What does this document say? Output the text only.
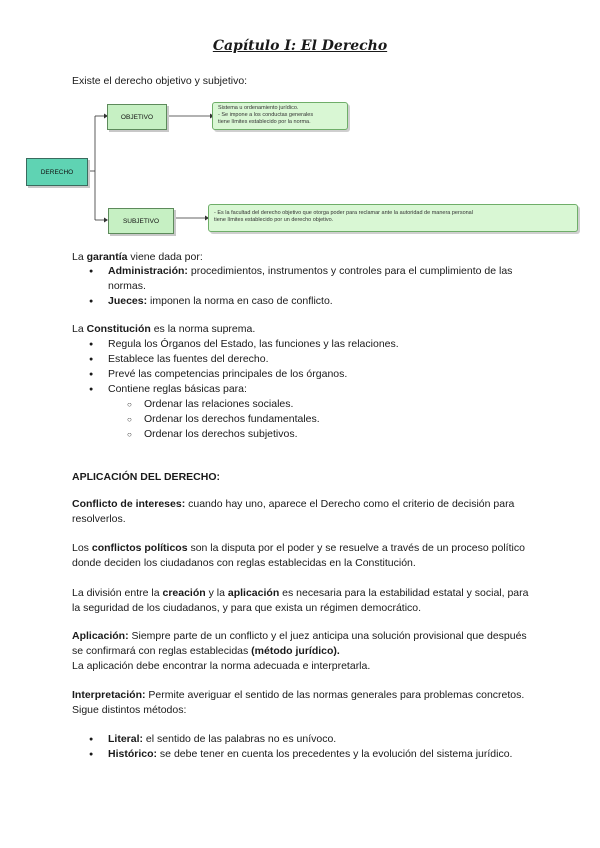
Capítulo I: El Derecho

Existe el derecho objetivo y subjetivo:

DERECHO
OBJETIVO
SUBJETIVO
Sistema u ordenamiento jurídico.
- Se impone a los conductas generales
tiene límites establecido por la norma.
- Es la facultad del derecho objetivo que otorga poder para reclamar ante la autoridad de manera personal
tiene límites establecido por un derecho objetivo.

La garantía viene dada por:

● Administración: procedimientos, instrumentos y controles para el cumplimiento de las normas.
● Jueces: imponen la norma en caso de conflicto.

La Constitución es la norma suprema.

● Regula los Órganos del Estado, las funciones y las relaciones.
● Establece las fuentes del derecho.
● Prevé las competencias principales de los órganos.
● Contiene reglas básicas para:
○ Ordenar las relaciones sociales.
○ Ordenar los derechos fundamentales.
○ Ordenar los derechos subjetivos.

APLICACIÓN DEL DERECHO:

Conflicto de intereses: cuando hay uno, aparece el Derecho como el criterio de decisión para resolverlos.

Los conflictos políticos son la disputa por el poder y se resuelve a través de un proceso político donde deciden los ciudadanos con reglas establecidas en la Constitución.

La división entre la creación y la aplicación es necesaria para la estabilidad estatal y social, para la seguridad de los ciudadanos, y para que exista un régimen democrático.

Aplicación: Siempre parte de un conflicto y el juez anticipa una solución provisional que después se confirmará con reglas establecidas (método jurídico).
La aplicación debe encontrar la norma adecuada e interpretarla.

Interpretación: Permite averiguar el sentido de las normas generales para problemas concretos.
Sigue distintos métodos:

● Literal: el sentido de las palabras no es unívoco.
● Histórico: se debe tener en cuenta los precedentes y la evolución del sistema jurídico.
